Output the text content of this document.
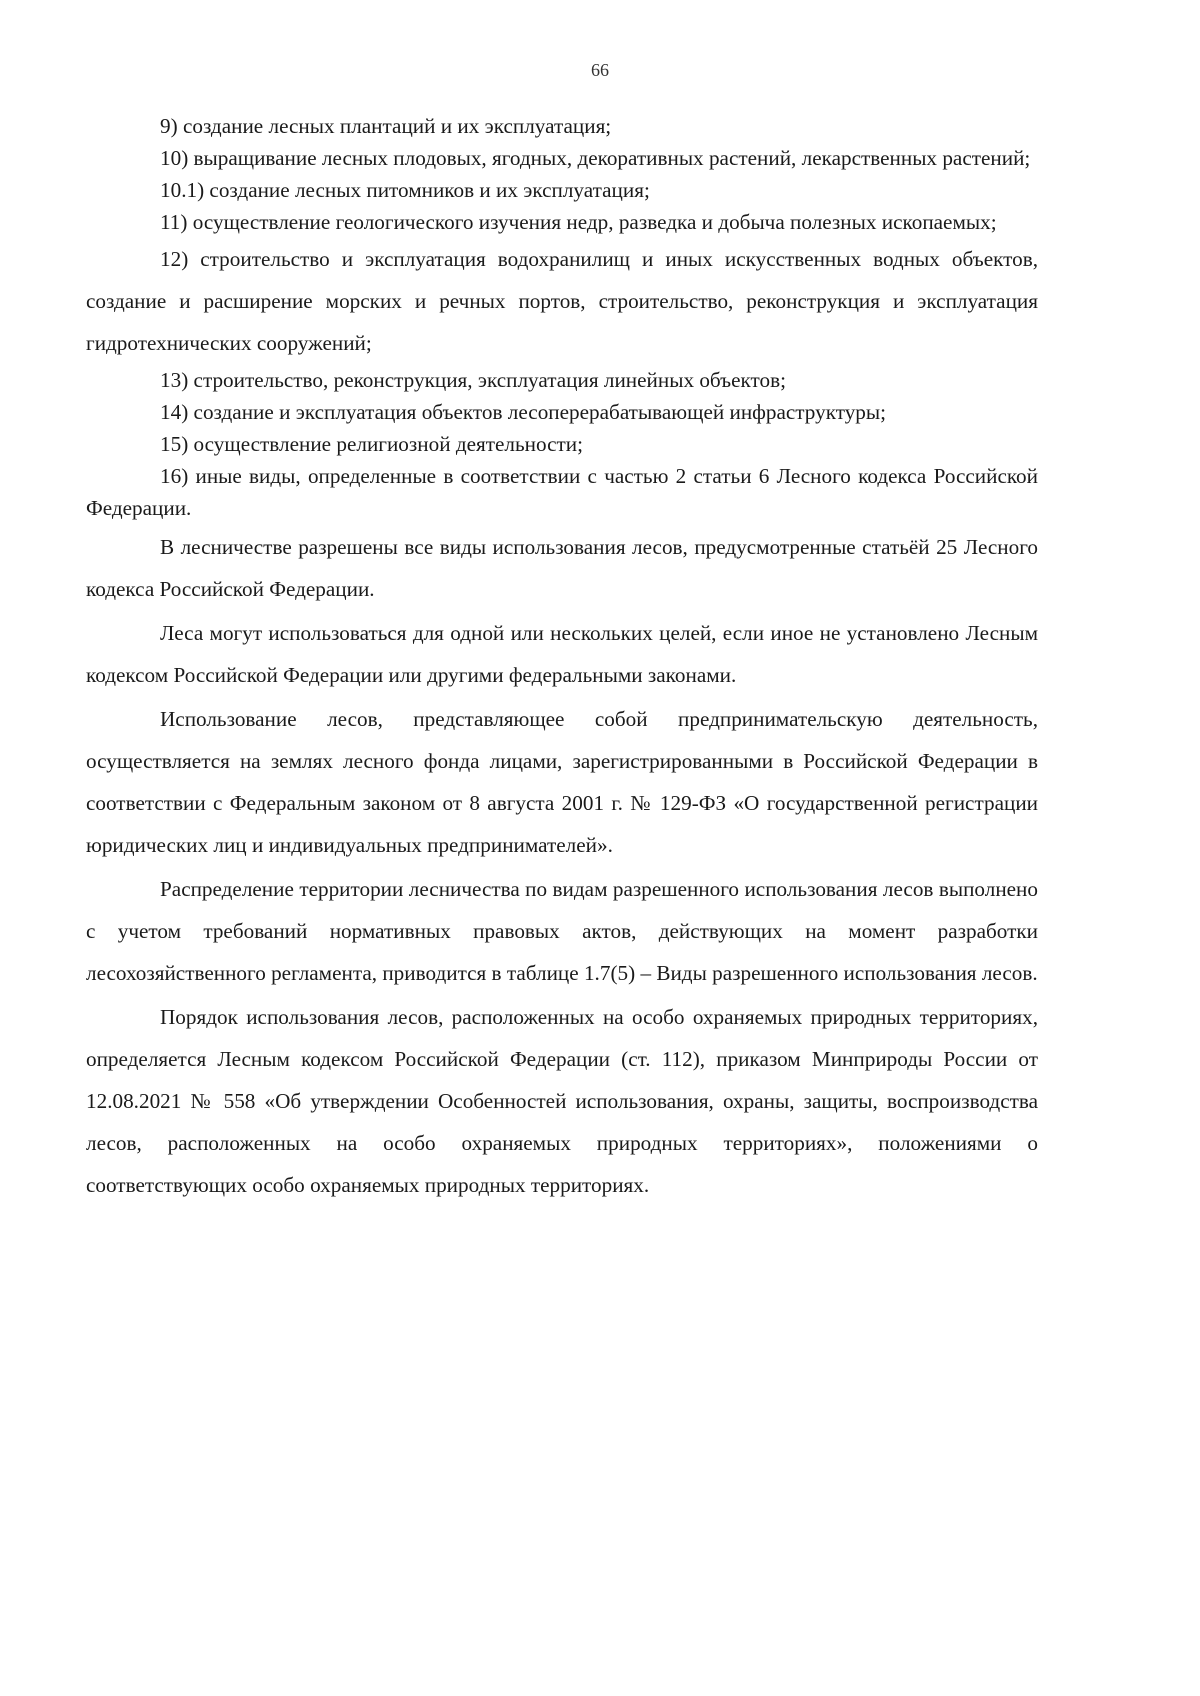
66

9) создание лесных плантаций и их эксплуатация;

10) выращивание лесных плодовых, ягодных, декоративных растений, лекарственных растений;

10.1) создание лесных питомников и их эксплуатация;

11) осуществление геологического изучения недр, разведка и добыча полезных ископаемых;

12) строительство и эксплуатация водохранилищ и иных искусственных водных объектов, создание и расширение морских и речных портов, строительство, реконструкция и эксплуатация гидротехнических сооружений;

13) строительство, реконструкция, эксплуатация линейных объектов;

14) создание и эксплуатация объектов лесоперерабатывающей инфраструктуры;

15) осуществление религиозной деятельности;

16) иные виды, определенные в соответствии с частью 2 статьи 6 Лесного кодекса Российской Федерации.

В лесничестве разрешены все виды использования лесов, предусмотренные статьёй 25 Лесного кодекса Российской Федерации.

Леса могут использоваться для одной или нескольких целей, если иное не установлено Лесным кодексом Российской Федерации или другими федеральными законами.

Использование лесов, представляющее собой предпринимательскую деятельность, осуществляется на землях лесного фонда лицами, зарегистрированными в Российской Федерации в соответствии с Федеральным законом от 8 августа 2001 г. № 129-ФЗ «О государственной регистрации юридических лиц и индивидуальных предпринимателей».

Распределение территории лесничества по видам разрешенного использования лесов выполнено с учетом требований нормативных правовых актов, действующих на момент разработки лесохозяйственного регламента, приводится в таблице 1.7(5) – Виды разрешенного использования лесов.

Порядок использования лесов, расположенных на особо охраняемых природных территориях, определяется Лесным кодексом Российской Федерации (ст. 112), приказом Минприроды России от 12.08.2021 № 558 «Об утверждении Особенностей использования, охраны, защиты, воспроизводства лесов, расположенных на особо охраняемых природных территориях», положениями о соответствующих особо охраняемых природных территориях.
